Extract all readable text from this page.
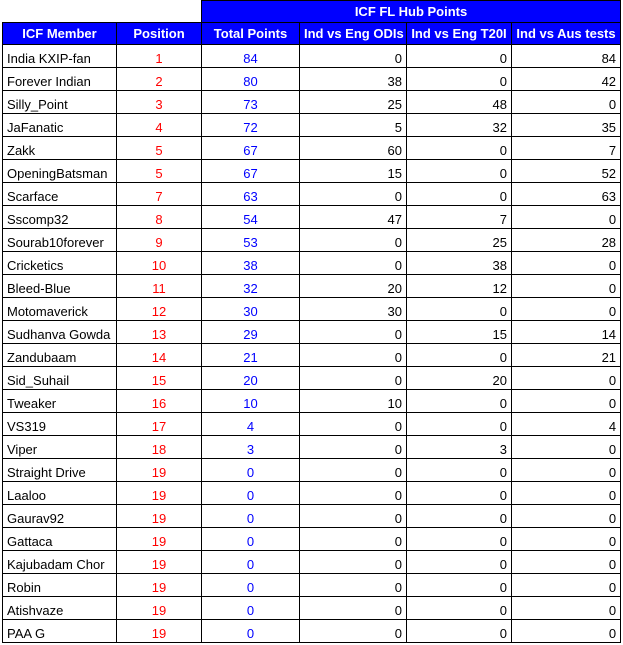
		ICF FL Hub Points			
ICF Member	Position	Total Points	Ind vs Eng ODIs	Ind vs Eng T20I	Ind vs Aus tests
India KXIP-fan	1	84	0	0	84
Forever Indian	2	80	38	0	42
Silly_Point	3	73	25	48	0
JaFanatic	4	72	5	32	35
Zakk	5	67	60	0	7
OpeningBatsman	5	67	15	0	52
Scarface	7	63	0	0	63
Sscomp32	8	54	47	7	0
Sourab10forever	9	53	0	25	28
Cricketics	10	38	0	38	0
Bleed-Blue	11	32	20	12	0
Motomaverick	12	30	30	0	0
Sudhanva Gowda	13	29	0	15	14
Zandubaam	14	21	0	0	21
Sid_Suhail	15	20	0	20	0
Tweaker	16	10	10	0	0
VS319	17	4	0	0	4
Viper	18	3	0	3	0
Straight Drive	19	0	0	0	0
Laaloo	19	0	0	0	0
Gaurav92	19	0	0	0	0
Gattaca	19	0	0	0	0
Kajubadam Chor	19	0	0	0	0
Robin	19	0	0	0	0
Atishvaze	19	0	0	0	0
PAA G	19	0	0	0	0
